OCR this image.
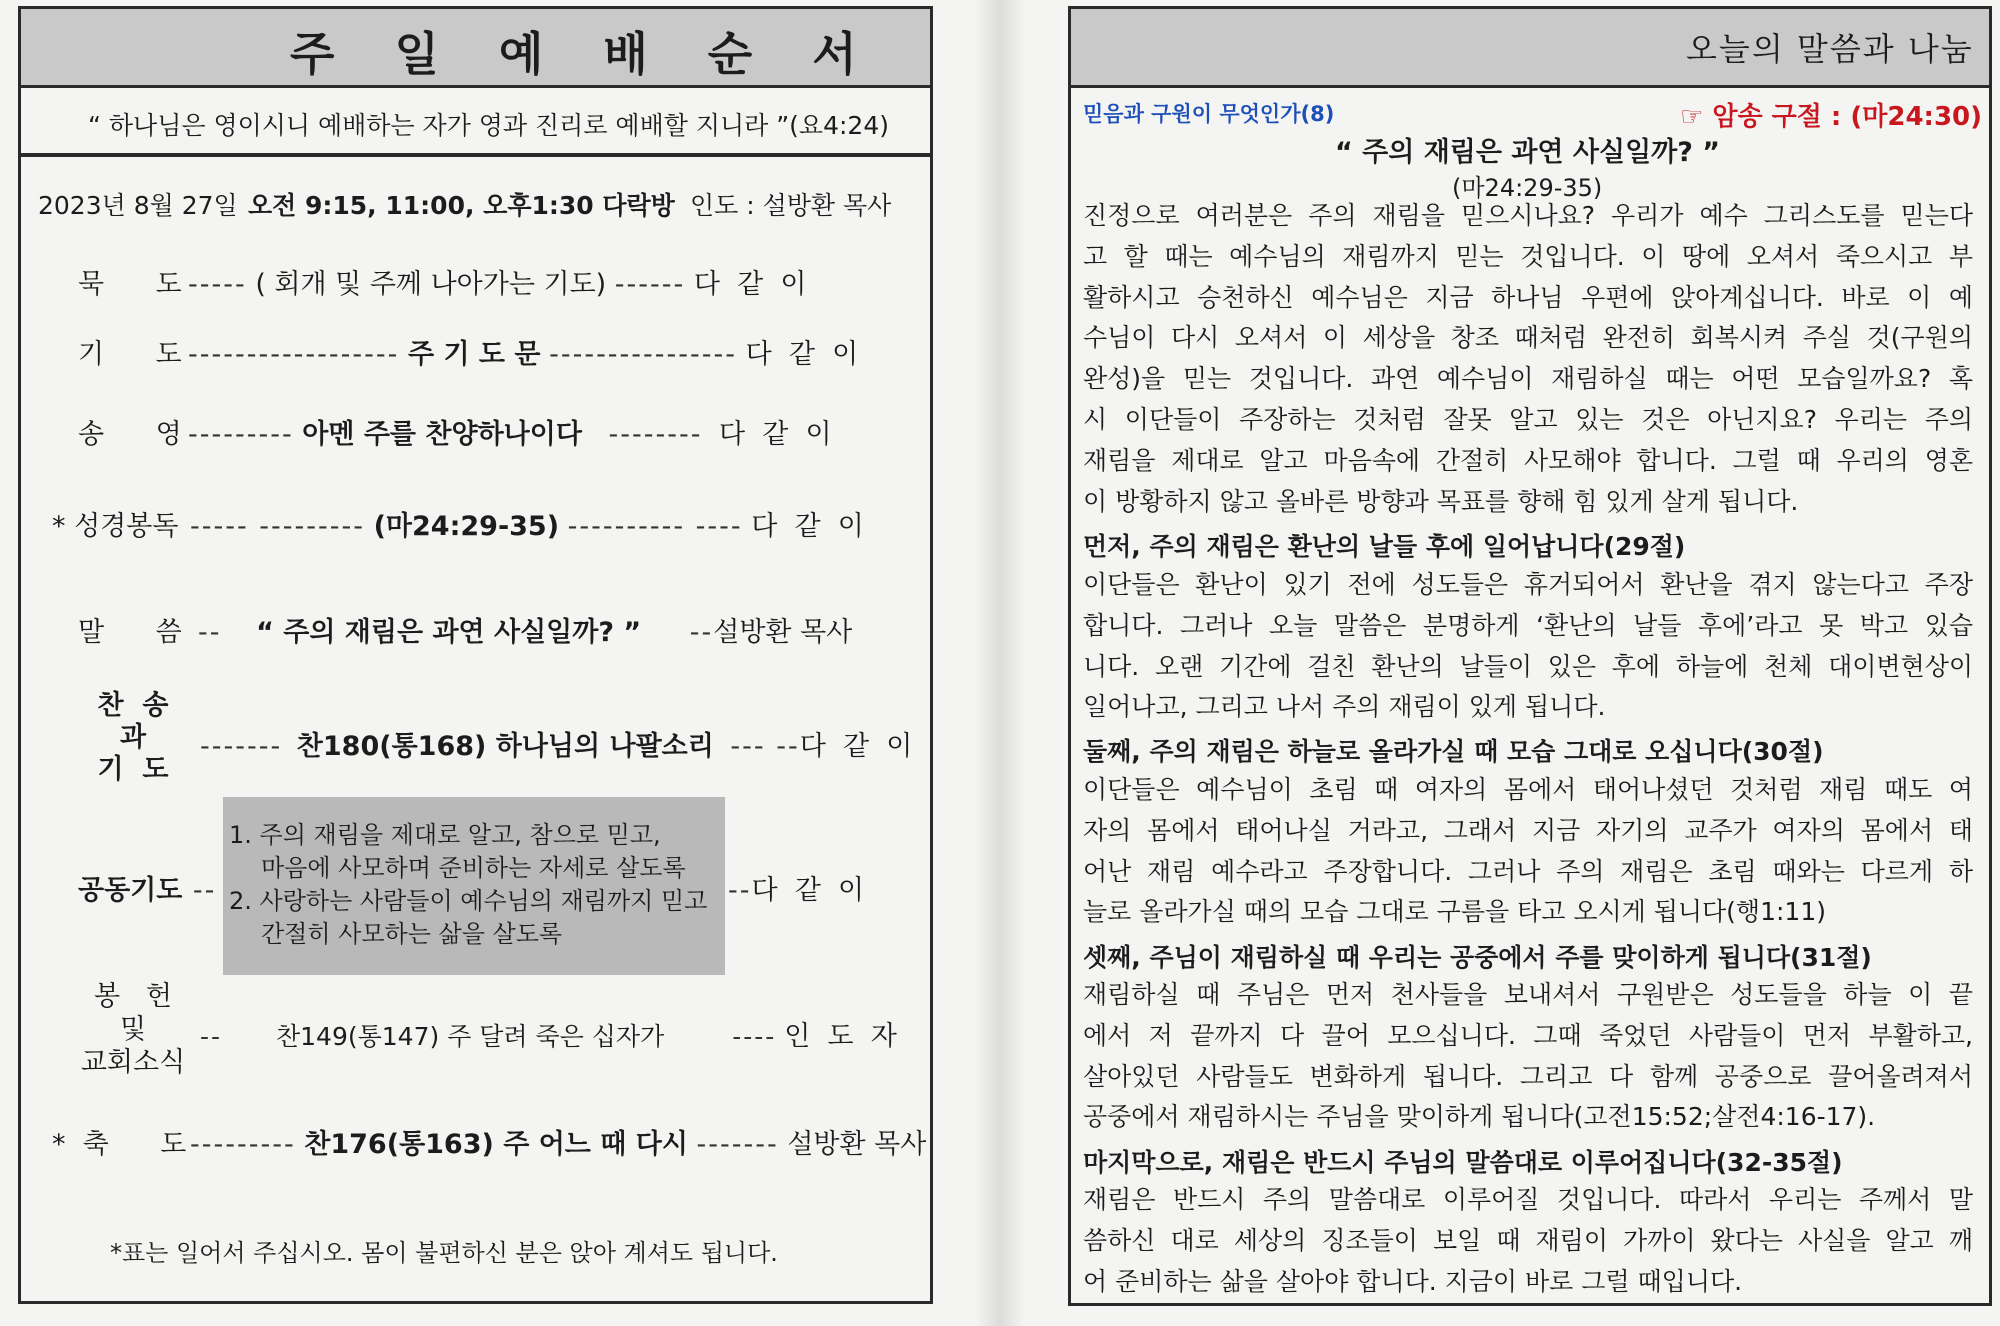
주 일 예 배 순 서
“ 하나님은 영이시니 예배하는 자가 영과 진리로 예배할 지니라 ”(요4:24)
2023년 8월 27일 오전 9:15, 11:00, 오후1:30 다락방 인도 : 설방환 목사
묵      도 ----- ( 회개 및 주께 나아가는 기도) ------ 다  같  이
기      도 ------------------ 주 기 도 문 ---------------- 다  같  이
송      영 --------- 아멘 주를 찬양하나이다 -------- 다  같  이
* 성경봉독 ----- --------- (마24:29-35) ---------- ---- 다  같  이
말      씀 -- “ 주의 재림은 과연 사실일까? ” --설방환 목사
찬  송
과
기  도
------- 찬180(통168) 하나님의 나팔소리 --- --다  같  이
공동기도 --
1. 주의 재림을 제대로 알고, 참으로 믿고,
마음에 사모하며 준비하는 자세로 살도록
2. 사랑하는 사람들이 예수님의 재림까지 믿고
간절히 사모하는 삶을 살도록
--다  같  이
봉   헌
및
교회소식
-- 찬149(통147) 주 달려 죽은 십자가	---- 인  도  자
*  축      도 --------- 찬176(통163) 주 어느 때 다시 ------- 설방환 목사
*표는 일어서 주십시오. 몸이 불편하신 분은 앉아 계셔도 됩니다.
오늘의 말씀과 나눔
믿음과 구원이 무엇인가(8)	☞ 암송 구절 : (마24:30)
“ 주의 재림은 과연 사실일까? ”
(마24:29-35)
진정으로 여러분은 주의 재림을 믿으시나요? 우리가 예수 그리스도를 믿는다
고 할 때는 예수님의 재림까지 믿는 것입니다. 이 땅에 오셔서 죽으시고 부
활하시고 승천하신 예수님은 지금 하나님 우편에 앉아계십니다. 바로 이 예
수님이 다시 오셔서 이 세상을 창조 때처럼 완전히 회복시켜 주실 것(구원의
완성)을 믿는 것입니다. 과연 예수님이 재림하실 때는 어떤 모습일까요? 혹
시 이단들이 주장하는 것처럼 잘못 알고 있는 것은 아닌지요? 우리는 주의
재림을 제대로 알고 마음속에 간절히 사모해야 합니다. 그럴 때 우리의 영혼
이 방황하지 않고 올바른 방향과 목표를 향해 힘 있게 살게 됩니다.
먼저, 주의 재림은 환난의 날들 후에 일어납니다(29절)
이단들은 환난이 있기 전에 성도들은 휴거되어서 환난을 겪지 않는다고 주장
합니다. 그러나 오늘 말씀은 분명하게 ‘환난의 날들 후에’라고 못 박고 있습
니다. 오랜 기간에 걸친 환난의 날들이 있은 후에 하늘에 천체 대이변현상이
일어나고, 그리고 나서 주의 재림이 있게 됩니다.
둘째, 주의 재림은 하늘로 올라가실 때 모습 그대로 오십니다(30절)
이단들은 예수님이 초림 때 여자의 몸에서 태어나셨던 것처럼 재림 때도 여
자의 몸에서 태어나실 거라고, 그래서 지금 자기의 교주가 여자의 몸에서 태
어난 재림 예수라고 주장합니다. 그러나 주의 재림은 초림 때와는 다르게 하
늘로 올라가실 때의 모습 그대로 구름을 타고 오시게 됩니다(행1:11)
셋째, 주님이 재림하실 때 우리는 공중에서 주를 맞이하게 됩니다(31절)
재림하실 때 주님은 먼저 천사들을 보내셔서 구원받은 성도들을 하늘 이 끝
에서 저 끝까지 다 끌어 모으십니다. 그때 죽었던 사람들이 먼저 부활하고,
살아있던 사람들도 변화하게 됩니다. 그리고 다 함께 공중으로 끌어올려져서
공중에서 재림하시는 주님을 맞이하게 됩니다(고전15:52;살전4:16-17).
마지막으로, 재림은 반드시 주님의 말씀대로 이루어집니다(32-35절)
재림은 반드시 주의 말씀대로 이루어질 것입니다. 따라서 우리는 주께서 말
씀하신 대로 세상의 징조들이 보일 때 재림이 가까이 왔다는 사실을 알고 깨
어 준비하는 삶을 살아야 합니다. 지금이 바로 그럴 때입니다.
